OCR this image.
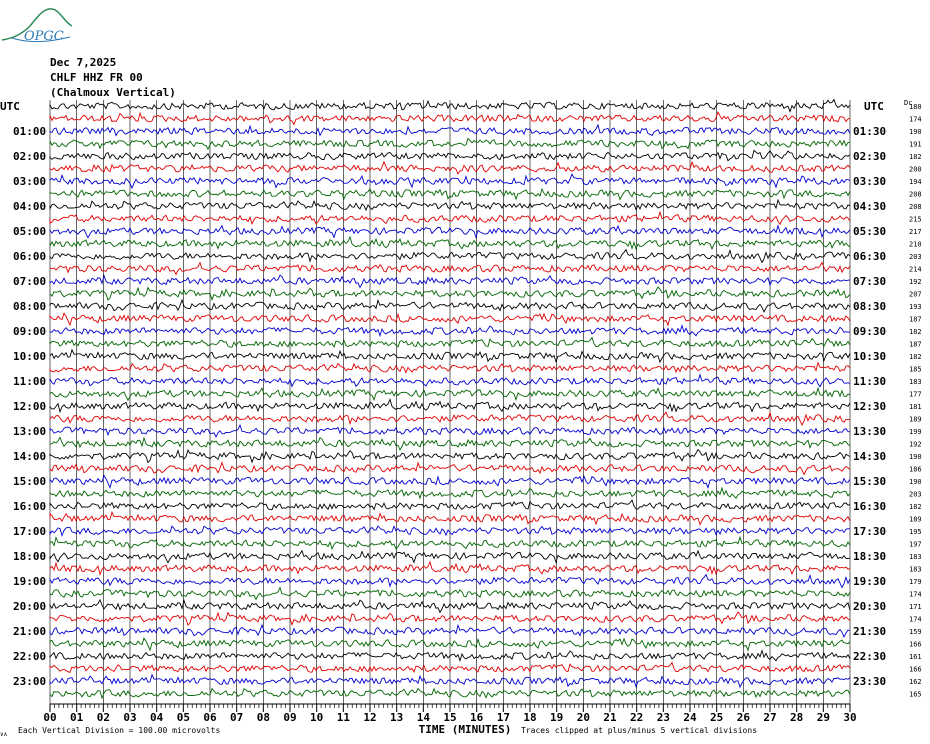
OPGC
Dec 7,2025
CHLF HHZ FR 00
(Chalmoux Vertical)
180
174
190
191
182
200
194
208
208
215
217
210
203
214
192
207
193
187
182
187
182
185
183
177
181
189
199
192
190
186
190
203
182
189
195
197
183
183
179
174
171
174
159
166
161
166
162
165
UTC	UTC	Dc
01:00
02:00
03:00
04:00
05:00
06:00
07:00
08:00
09:00
10:00
11:00
12:00
13:00
14:00
15:00
16:00
17:00
18:00
19:00
20:00
21:00
22:00
23:00
01:30
02:30
03:30
04:30
05:30
06:30
07:30
08:30
09:30
10:30
11:30
12:30
13:30
14:30
15:30
16:30
17:30
18:30
19:30
20:30
21:30
22:30
23:30
00 01 02 03 04 05 06 07 08 09 10 11 12 13 14 15 16 17 18 19 20 21 22 23 24 25 26 27 28 29 30
TIME (MINUTES)
Each Vertical Division = 100.00 microvolts	Traces clipped at plus/minus 5 vertical divisions
∨∧
